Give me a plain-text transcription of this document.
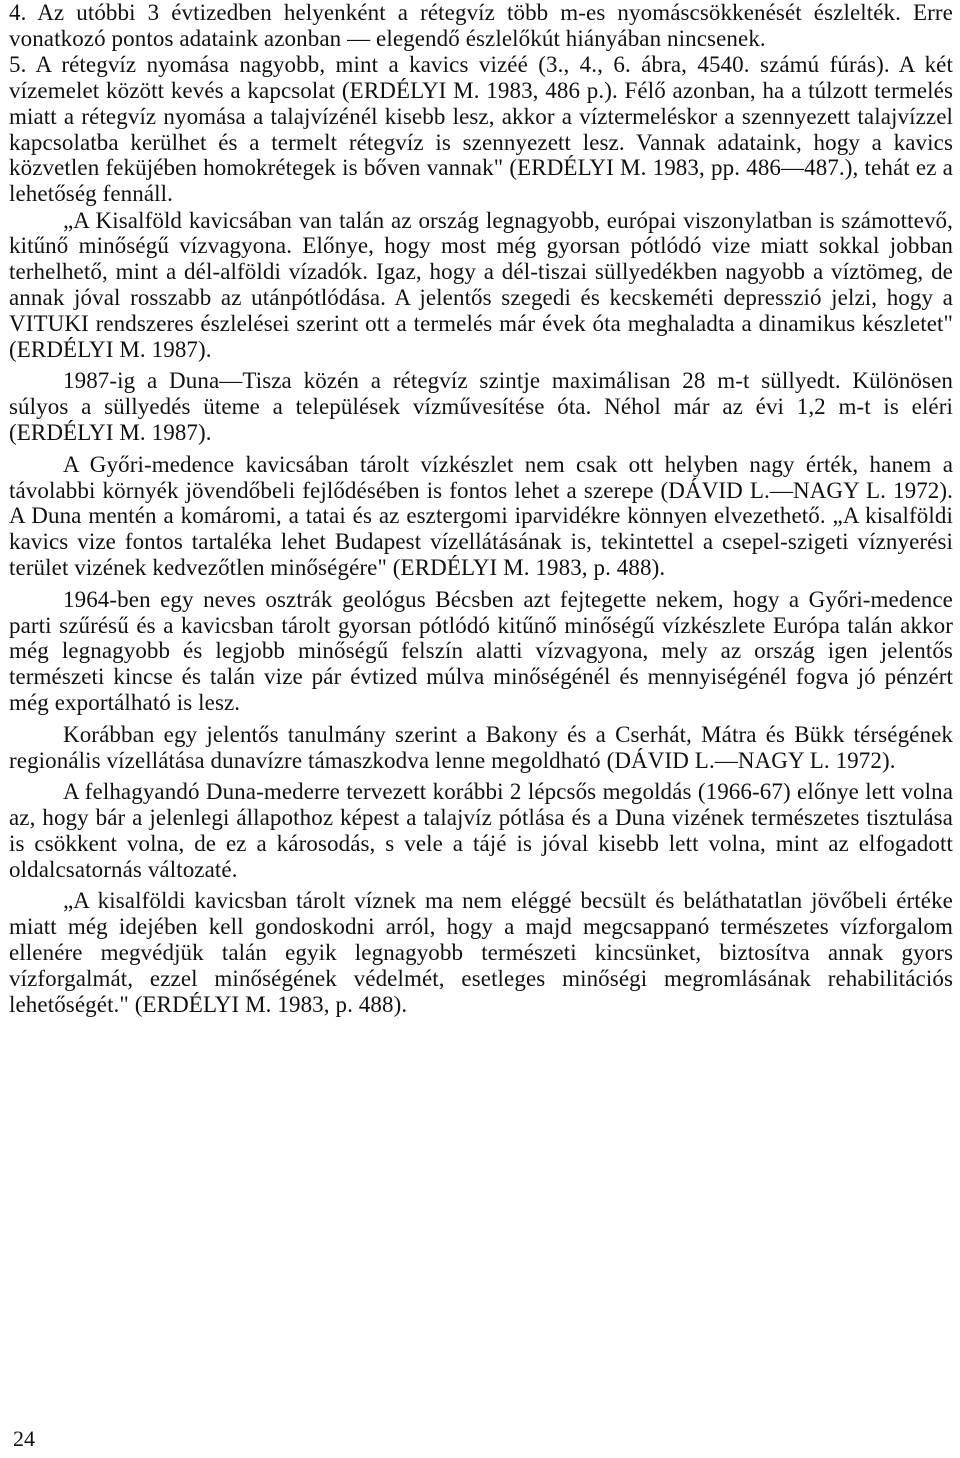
4. Az utóbbi 3 évtizedben helyenként a rétegvíz több m-es nyomáscsökkenését észlelték. Erre vonatkozó pontos adataink azonban — elegendő észlelőkút hiányában nincsenek.

5. A rétegvíz nyomása nagyobb, mint a kavics vizéé (3., 4., 6. ábra, 4540. számú fúrás). A két vízemelet között kevés a kapcsolat (ERDÉLYI M. 1983, 486 p.). Félő azonban, ha a túlzott termelés miatt a rétegvíz nyomása a talajvízénél kisebb lesz, akkor a víztermeléskor a szennyezett talajvízzel kapcsolatba kerülhet és a termelt rétegvíz is szennyezett lesz. Vannak adataink, hogy a kavics közvetlen feküjében homokrétegek is bőven vannak" (ERDÉLYI M. 1983, pp. 486—487.), tehát ez a lehetőség fennáll.

„A Kisalföld kavicsában van talán az ország legnagyobb, európai viszonylatban is számottevő, kitűnő minőségű vízvagyona. Előnye, hogy most még gyorsan pótlódó vize miatt sokkal jobban terhelhető, mint a dél-alföldi vízadók. Igaz, hogy a dél-tiszai süllyedékben nagyobb a víztömeg, de annak jóval rosszabb az utánpótlódása. A jelentős szegedi és kecskeméti depresszió jelzi, hogy a VITUKI rendszeres észlelései szerint ott a termelés már évek óta meghaladta a dinamikus készletet" (ERDÉLYI M. 1987).

1987-ig a Duna—Tisza közén a rétegvíz szintje maximálisan 28 m-t süllyedt. Különösen súlyos a süllyedés üteme a települések vízművesítése óta. Néhol már az évi 1,2 m-t is eléri (ERDÉLYI M. 1987).

A Győri-medence kavicsában tárolt vízkészlet nem csak ott helyben nagy érték, hanem a távolabbi környék jövendőbeli fejlődésében is fontos lehet a szerepe (DÁVID L.—NAGY L. 1972). A Duna mentén a komáromi, a tatai és az esztergomi iparvidékre könnyen elvezethető. „A kisalföldi kavics vize fontos tartaléka lehet Budapest vízellátásának is, tekintettel a csepel-szigeti víznyerési terület vizének kedvezőtlen minőségére" (ERDÉLYI M. 1983, p. 488).

1964-ben egy neves osztrák geológus Bécsben azt fejtegette nekem, hogy a Győri-medence parti szűrésű és a kavicsban tárolt gyorsan pótlódó kitűnő minőségű vízkészlete Európa talán akkor még legnagyobb és legjobb minőségű felszín alatti vízvagyona, mely az ország igen jelentős természeti kincse és talán vize pár évtized múlva minőségénél és mennyiségénél fogva jó pénzért még exportálható is lesz.

Korábban egy jelentős tanulmány szerint a Bakony és a Cserhát, Mátra és Bükk térségének regionális vízellátása dunavízre támaszkodva lenne megoldható (DÁVID L.—NAGY L. 1972).

A felhagyandó Duna-mederre tervezett korábbi 2 lépcsős megoldás (1966-67) előnye lett volna az, hogy bár a jelenlegi állapothoz képest a talajvíz pótlása és a Duna vizének természetes tisztulása is csökkent volna, de ez a károsodás, s vele a tájé is jóval kisebb lett volna, mint az elfogadott oldalcsatornás változaté.

„A kisalföldi kavicsban tárolt víznek ma nem eléggé becsült és beláthatatlan jövőbeli értéke miatt még idejében kell gondoskodni arról, hogy a majd megcsappanó természetes vízforgalom ellenére megvédjük talán egyik legnagyobb természeti kincsünket, biztosítva annak gyors vízforgalmát, ezzel minőségének védelmét, esetleges minőségi megromlásának rehabilitációs lehetőségét." (ERDÉLYI M. 1983, p. 488).

24
